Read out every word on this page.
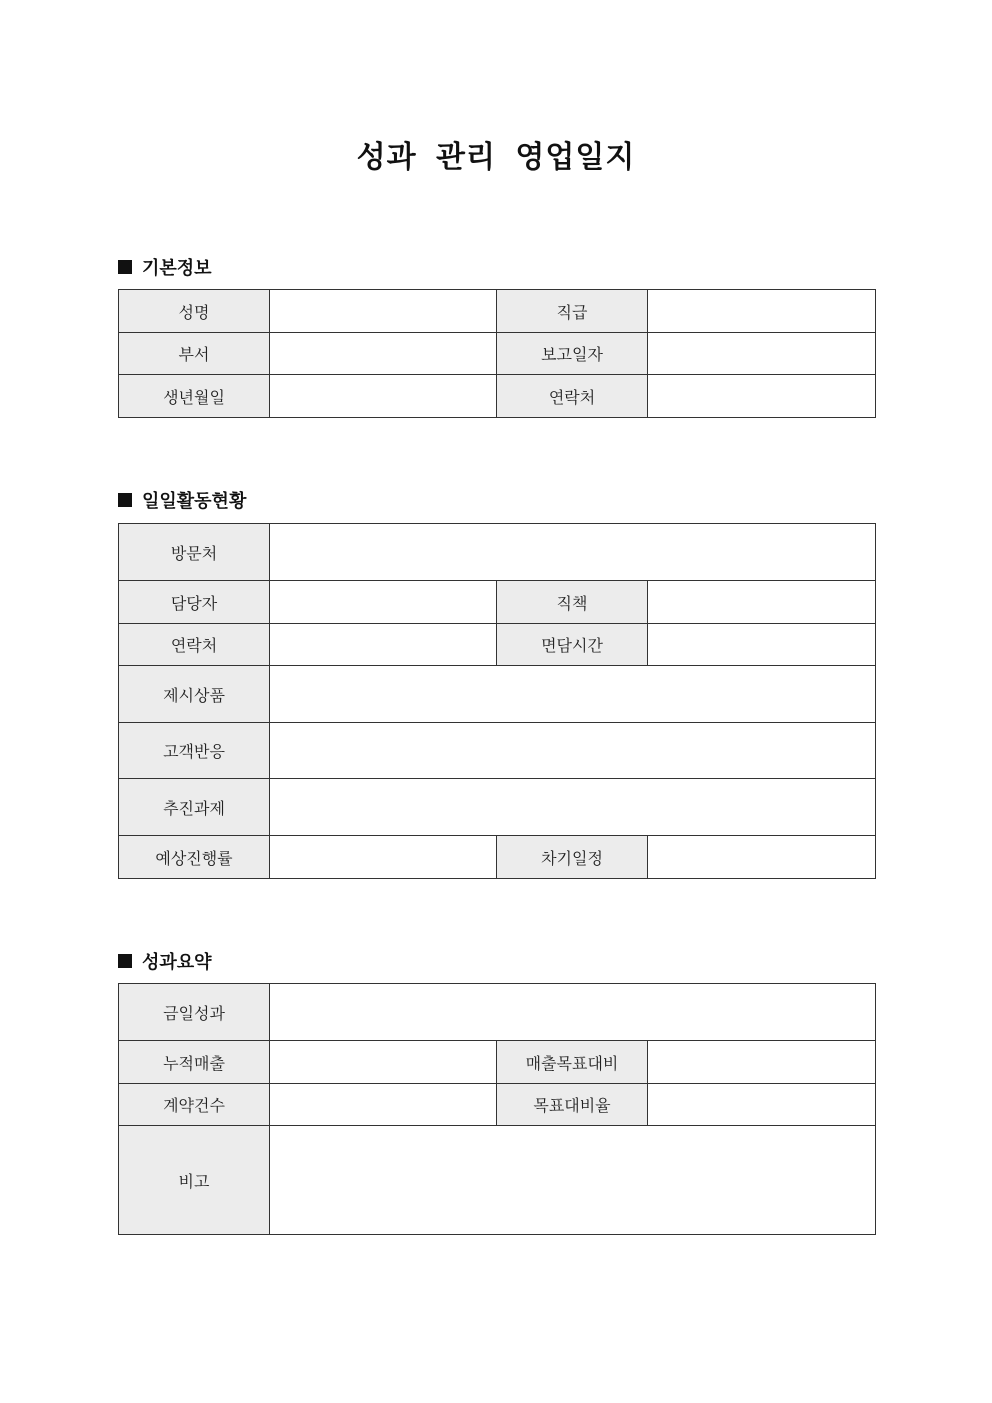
성과 관리 영업일지
기본정보
성명		직급	
부서		보고일자	
생년월일		연락처	
일일활동현황
방문처			
담당자		직책	
연락처		면담시간	
제시상품			
고객반응			
추진과제			
예상진행률		차기일정	
성과요약
금일성과			
누적매출		매출목표대비	
계약건수		목표대비율	
비고			
